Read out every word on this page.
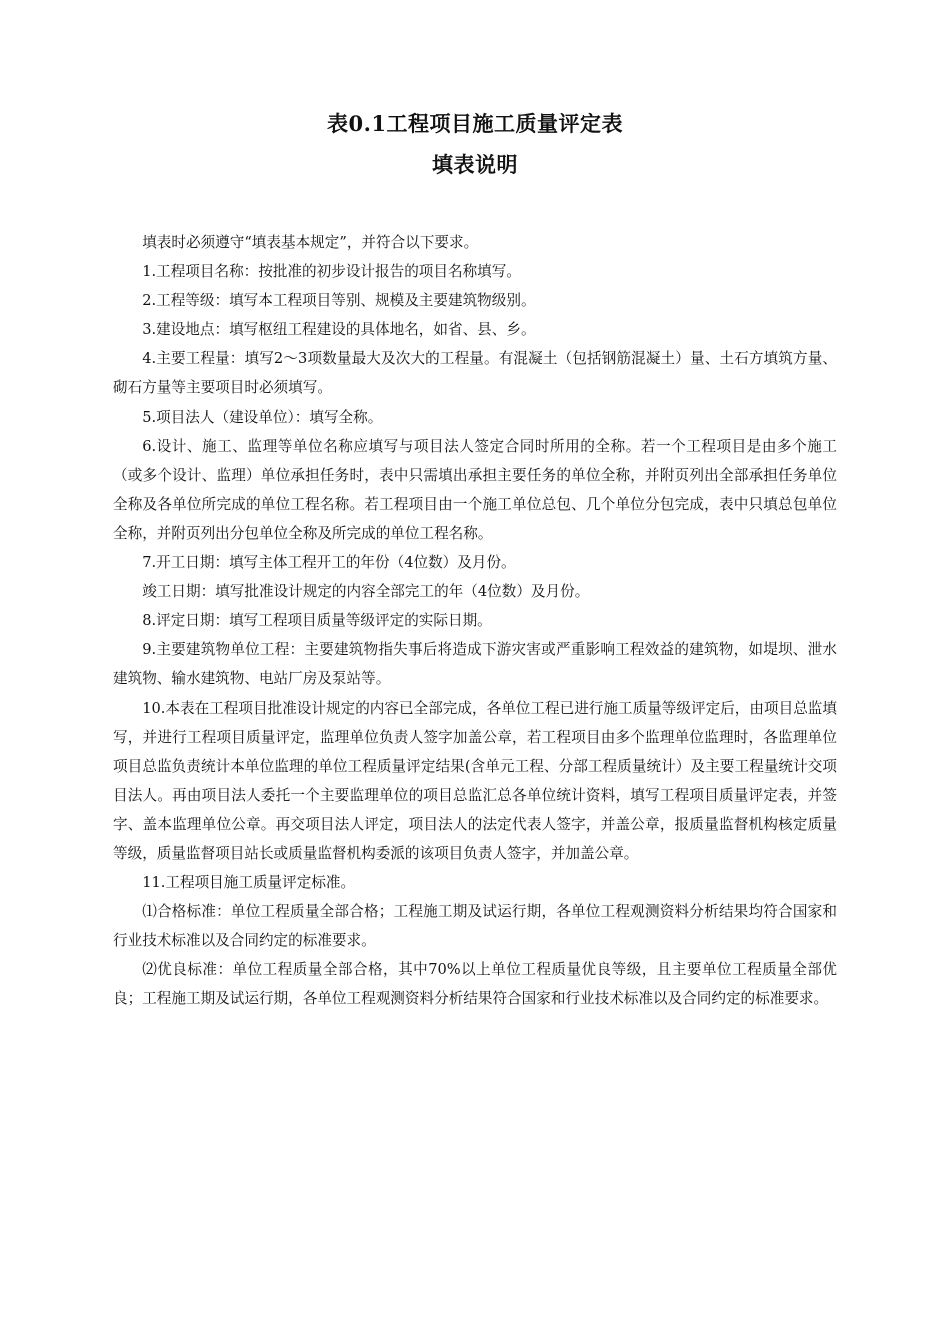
表0.1工程项目施工质量评定表
填表说明

填表时必须遵守“填表基本规定”，并符合以下要求。

1.工程项目名称：按批准的初步设计报告的项目名称填写。

2.工程等级：填写本工程项目等别、规模及主要建筑物级别。

3.建设地点：填写枢纽工程建设的具体地名，如省、县、乡。

4.主要工程量：填写2～3项数量最大及次大的工程量。有混凝土（包括钢筋混凝土）量、土石方填筑方量、砌石方量等主要项目时必须填写。

5.项目法人（建设单位）：填写全称。

6.设计、施工、监理等单位名称应填写与项目法人签定合同时所用的全称。若一个工程项目是由多个施工（或多个设计、监理）单位承担任务时，表中只需填出承担主要任务的单位全称，并附页列出全部承担任务单位全称及各单位所完成的单位工程名称。若工程项目由一个施工单位总包、几个单位分包完成，表中只填总包单位全称，并附页列出分包单位全称及所完成的单位工程名称。

7.开工日期：填写主体工程开工的年份（4位数）及月份。

竣工日期：填写批准设计规定的内容全部完工的年（4位数）及月份。

8.评定日期：填写工程项目质量等级评定的实际日期。

9.主要建筑物单位工程：主要建筑物指失事后将造成下游灾害或严重影响工程效益的建筑物，如堤坝、泄水建筑物、输水建筑物、电站厂房及泵站等。

10.本表在工程项目批准设计规定的内容已全部完成，各单位工程已进行施工质量等级评定后，由项目总监填写，并进行工程项目质量评定，监理单位负责人签字加盖公章，若工程项目由多个监理单位监理时，各监理单位项目总监负责统计本单位监理的单位工程质量评定结果(含单元工程、分部工程质量统计）及主要工程量统计交项目法人。再由项目法人委托一个主要监理单位的项目总监汇总各单位统计资料，填写工程项目质量评定表，并签字、盖本监理单位公章。再交项目法人评定，项目法人的法定代表人签字，并盖公章，报质量监督机构核定质量等级，质量监督项目站长或质量监督机构委派的该项目负责人签字，并加盖公章。

11.工程项目施工质量评定标准。

⑴合格标准：单位工程质量全部合格；工程施工期及试运行期，各单位工程观测资料分析结果均符合国家和行业技术标准以及合同约定的标准要求。

⑵优良标准：单位工程质量全部合格，其中70%以上单位工程质量优良等级，且主要单位工程质量全部优良；工程施工期及试运行期，各单位工程观测资料分析结果符合国家和行业技术标准以及合同约定的标准要求。
